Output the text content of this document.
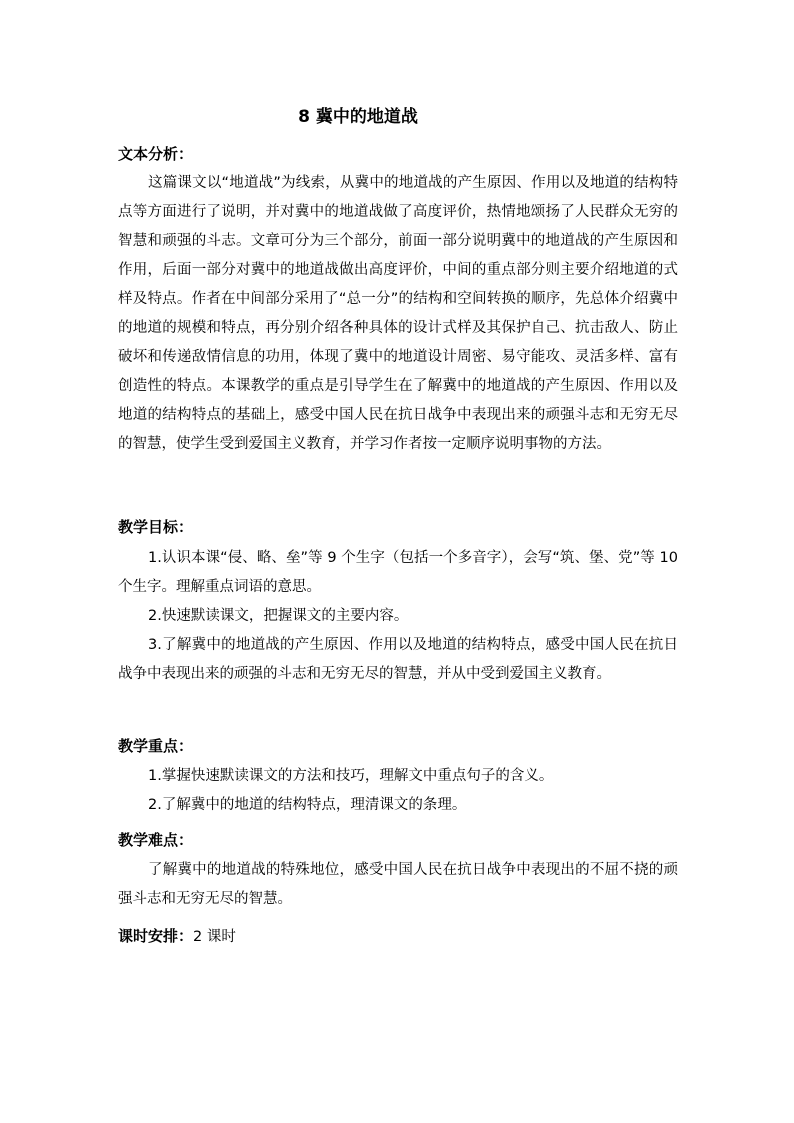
8 冀中的地道战
文本分析：

这篇课文以“地道战”为线索，从冀中的地道战的产生原因、作用以及地道的结构特点等方面进行了说明，并对冀中的地道战做了高度评价，热情地颂扬了人民群众无穷的智慧和顽强的斗志。文章可分为三个部分，前面一部分说明冀中的地道战的产生原因和作用，后面一部分对冀中的地道战做出高度评价，中间的重点部分则主要介绍地道的式样及特点。作者在中间部分采用了“总一分”的结构和空间转换的顺序，先总体介绍冀中的地道的规模和特点，再分别介绍各种具体的设计式样及其保护自己、抗击敌人、防止破坏和传递敌情信息的功用，体现了冀中的地道设计周密、易守能攻、灵活多样、富有创造性的特点。本课教学的重点是引导学生在了解冀中的地道战的产生原因、作用以及地道的结构特点的基础上，感受中国人民在抗日战争中表现出来的顽强斗志和无穷无尽的智慧，使学生受到爱国主义教育，并学习作者按一定顺序说明事物的方法。

教学目标：

1.认识本课“侵、略、垒”等 9 个生字（包括一个多音字），会写“筑、堡、党”等 10 个生字。理解重点词语的意思。

2.快速默读课文，把握课文的主要内容。

3.了解冀中的地道战的产生原因、作用以及地道的结构特点，感受中国人民在抗日战争中表现出来的顽强的斗志和无穷无尽的智慧，并从中受到爱国主义教育。

教学重点：

1.掌握快速默读课文的方法和技巧，理解文中重点句子的含义。

2.了解冀中的地道的结构特点，理清课文的条理。

教学难点：

了解冀中的地道战的特殊地位，感受中国人民在抗日战争中表现出的不屈不挠的顽强斗志和无穷无尽的智慧。

课时安排：2 课时
